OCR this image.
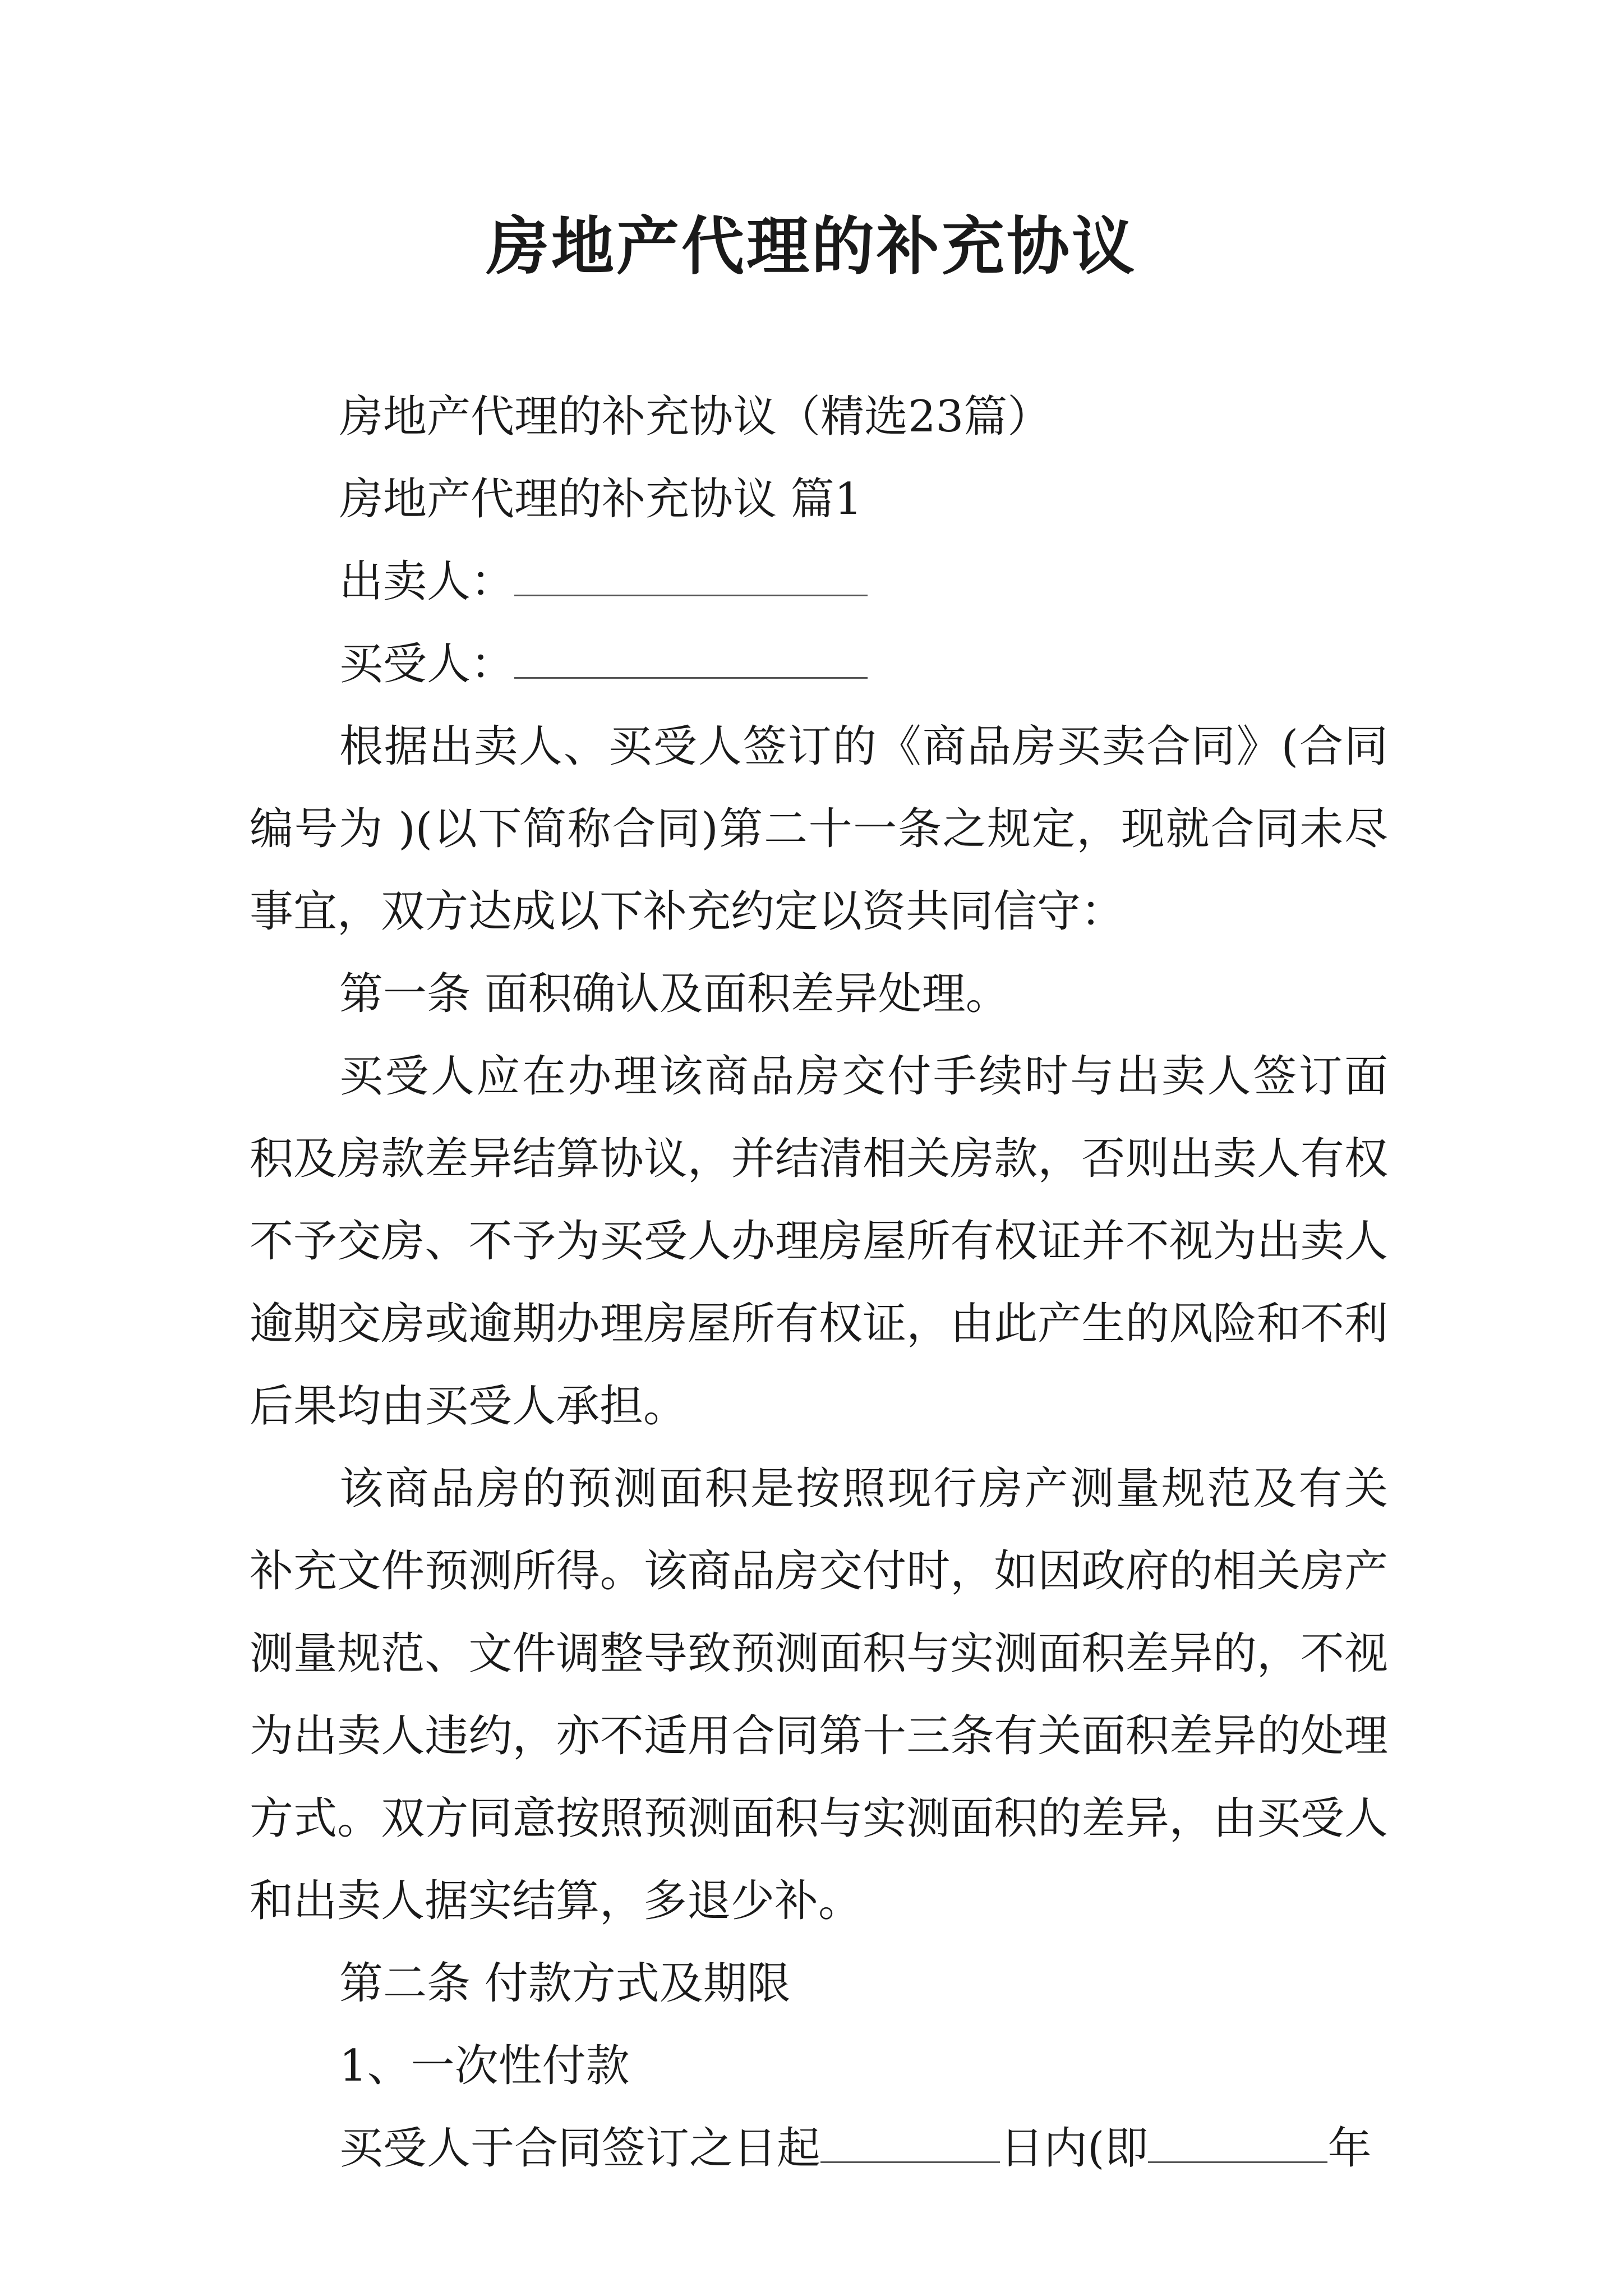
房地产代理的补充协议

房地产代理的补充协议（精选23篇）

房地产代理的补充协议 篇1

出卖人：

买受人：

根据出卖人、买受人签订的《商品房买卖合同》(合同编号为 )(以下简称合同)第二十一条之规定，现就合同未尽事宜，双方达成以下补充约定以资共同信守：

第一条 面积确认及面积差异处理。

买受人应在办理该商品房交付手续时与出卖人签订面积及房款差异结算协议，并结清相关房款，否则出卖人有权不予交房、不予为买受人办理房屋所有权证并不视为出卖人逾期交房或逾期办理房屋所有权证，由此产生的风险和不利后果均由买受人承担。

该商品房的预测面积是按照现行房产测量规范及有关补充文件预测所得。该商品房交付时，如因政府的相关房产测量规范、文件调整导致预测面积与实测面积差异的，不视为出卖人违约，亦不适用合同第十三条有关面积差异的处理方式。双方同意按照预测面积与实测面积的差异，由买受人和出卖人据实结算，多退少补。

第二条 付款方式及期限

1、一次性付款

买受人于合同签订之日起	日内(即	年
